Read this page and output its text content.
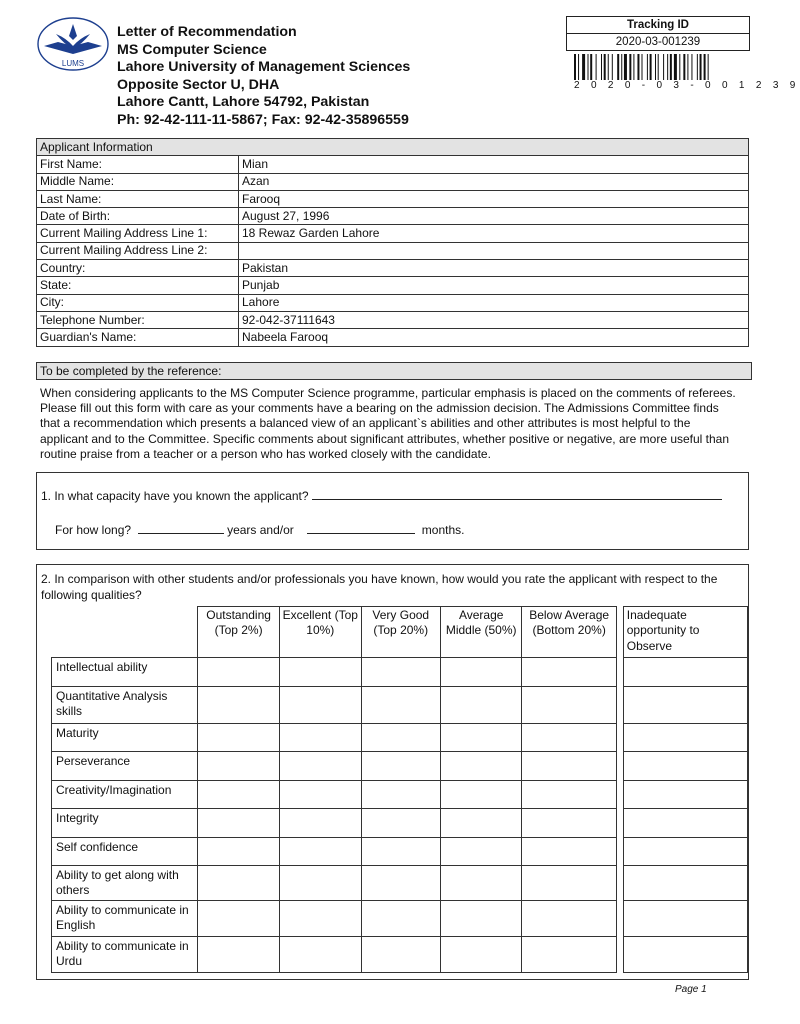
LUMS
Letter of Recommendation
MS Computer Science
Lahore University of Management Sciences
Opposite Sector U, DHA
Lahore Cantt, Lahore 54792, Pakistan
Ph: 92-42-111-11-5867; Fax: 92-42-35896559
Tracking ID
2020-03-001239
2 0 2 0 - 0 3 - 0 0 1 2 3 9
Applicant Information	
First Name:	Mian
Middle Name:	Azan
Last Name:	Farooq
Date of Birth:	August 27, 1996
Current Mailing Address Line 1:	18 Rewaz Garden Lahore
Current Mailing Address Line 2:	
Country:	Pakistan
State:	Punjab
City:	Lahore
Telephone Number:	92-042-37111643
Guardian's Name:	Nabeela Farooq
To be completed by the reference:
When considering applicants to the MS Computer Science programme, particular emphasis is placed on the comments of referees. Please fill out this form with care as your comments have a bearing on the admission decision. The Admissions Committee finds that a recommendation which presents a balanced view of an applicant`s abilities and other attributes is most helpful to the applicant and to the Committee. Specific comments about significant attributes, whether positive or negative, are more useful than routine praise from a teacher or a person who has worked closely with the candidate.
1. In what capacity have you known the applicant?
For how long?	years and/or	months.
2. In comparison with other students and/or professionals you have known, how would you rate the applicant with respect to the following qualities?
	Outstanding (Top 2%)	Excellent (Top 10%)	Very Good (Top 20%)	Average Middle (50%)	Below Average (Bottom 20%)		Inadequate opportunity to Observe
Intellectual ability							
Quantitative Analysis skills							
Maturity							
Perseverance							
Creativity/Imagination							
Integrity							
Self confidence							
Ability to get along with others							
Ability to communicate in English							
Ability to communicate in Urdu							
Page 1
